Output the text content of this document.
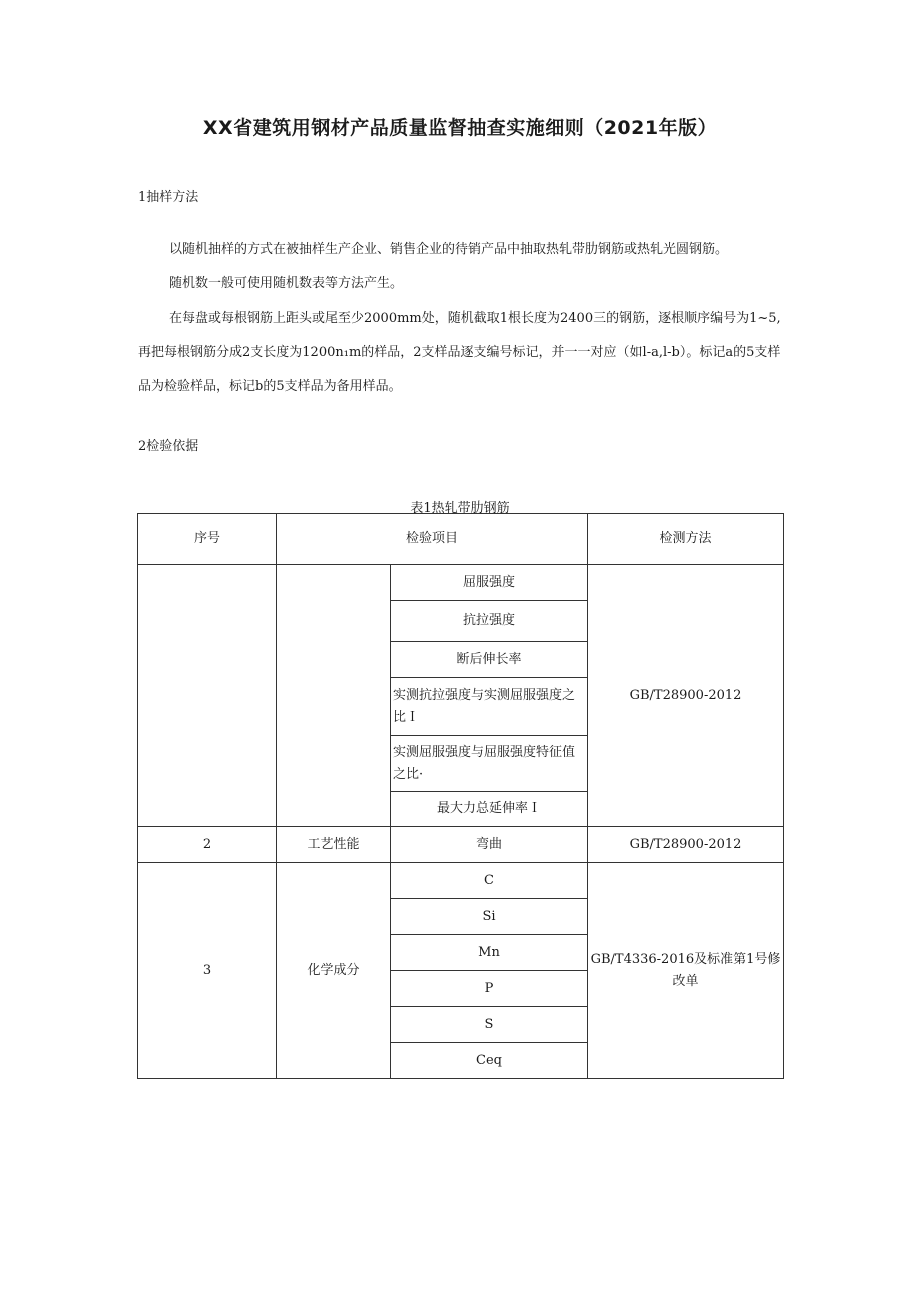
XX省建筑用钢材产品质量监督抽查实施细则（2021年版）
1抽样方法
以随机抽样的方式在被抽样生产企业、销售企业的待销产品中抽取热轧带肋钢筋或热轧光圆钢筋。
随机数一般可使用随机数表等方法产生。
在每盘或每根钢筋上距头或尾至少2000mm处，随机截取1根长度为2400三的钢筋，逐根顺序编号为1~5,再把每根钢筋分成2支长度为1200n₁m的样品，2支样品逐支编号标记，并一一对应（如l-a,l-b）。标记a的5支样品为检验样品，标记b的5支样品为备用样品。
2检验依据
表1热轧带肋钢筋
序号	检验项目		检测方法
		屈服强度	GB/T28900-2012
		抗拉强度	
		断后伸长率	
		实测抗拉强度与实测屈服强度之比Ｉ	
		实测屈服强度与屈服强度特征值之比·	
		最大力总延伸率Ｉ	
2	工艺性能	弯曲	GB/T28900-2012
3	化学成分	C	GB/T4336-2016及标准第1号修改单
		Si	
		Mn	
		P	
		S	
		Ceq	
